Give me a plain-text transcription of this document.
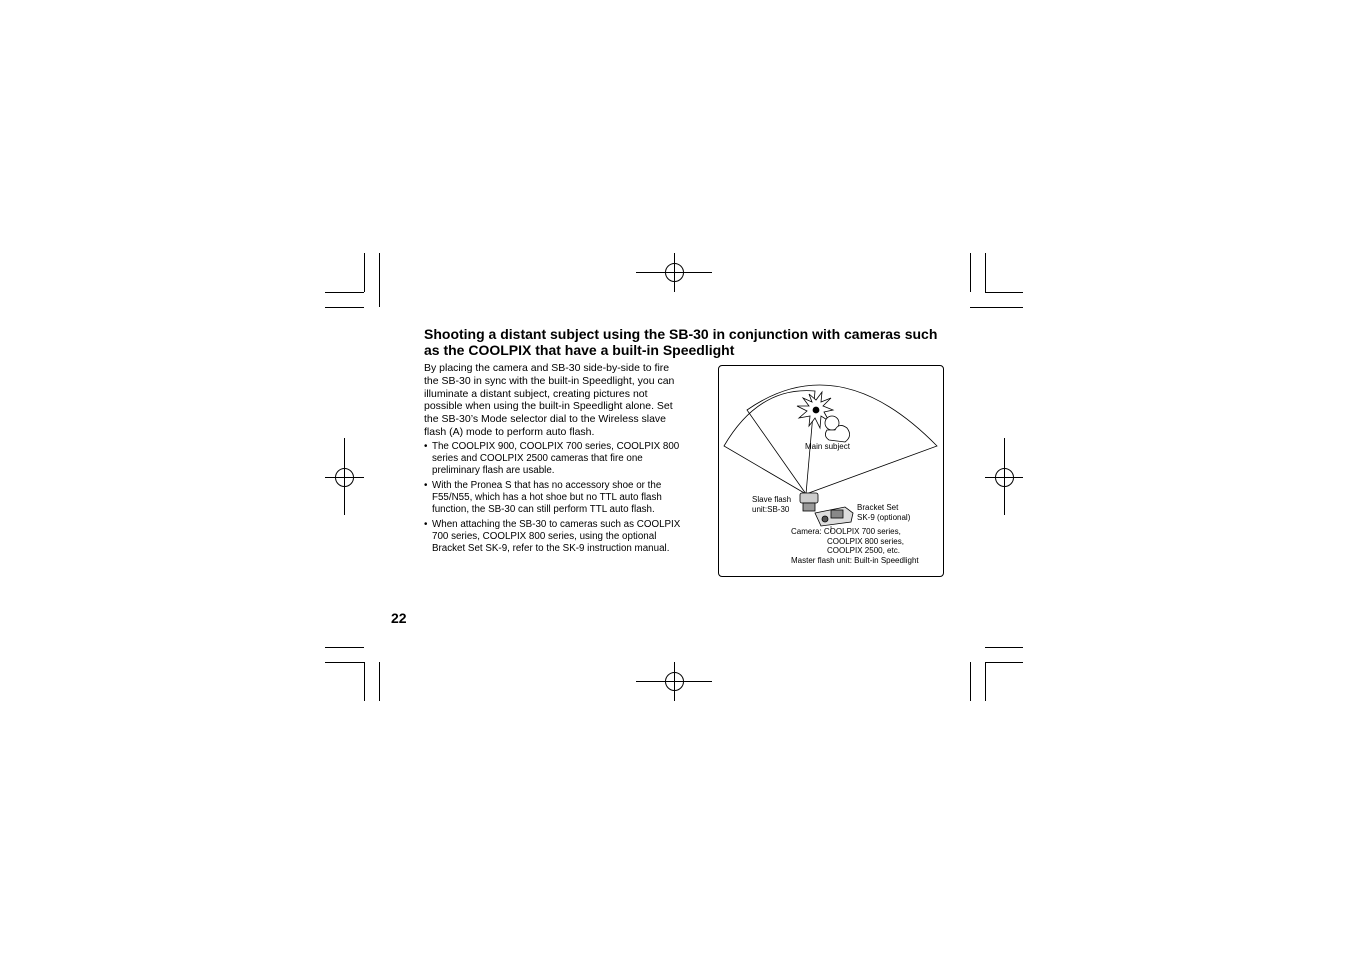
Shooting a distant subject using the SB-30 in conjunction with cameras such
as the COOLPIX that have a built-in Speedlight

By placing the camera and SB-30 side-by-side to fire
the SB-30 in sync with the built-in Speedlight, you can
illuminate a distant subject, creating pictures not
possible when using the built-in Speedlight alone. Set
the SB-30’s Mode selector dial to the Wireless slave
flash (A) mode to perform auto flash.

• The COOLPIX 900, COOLPIX 700 series, COOLPIX 800
series and COOLPIX 2500 cameras that fire one
preliminary flash are usable.
• With the Pronea S that has no accessory shoe or the
F55/N55, which has a hot shoe but no TTL auto flash
function, the SB-30 can still perform TTL auto flash.
• When attaching the SB-30 to cameras such as COOLPIX
700 series, COOLPIX 800 series, using the optional
Bracket Set SK-9, refer to the SK-9 instruction manual.
22
Main subject
Slave flash
unit:SB-30	Bracket Set
SK-9 (optional)
Camera: COOLPIX 700 series,
COOLPIX 800 series,
COOLPIX 2500, etc.
Master flash unit: Built-in Speedlight
